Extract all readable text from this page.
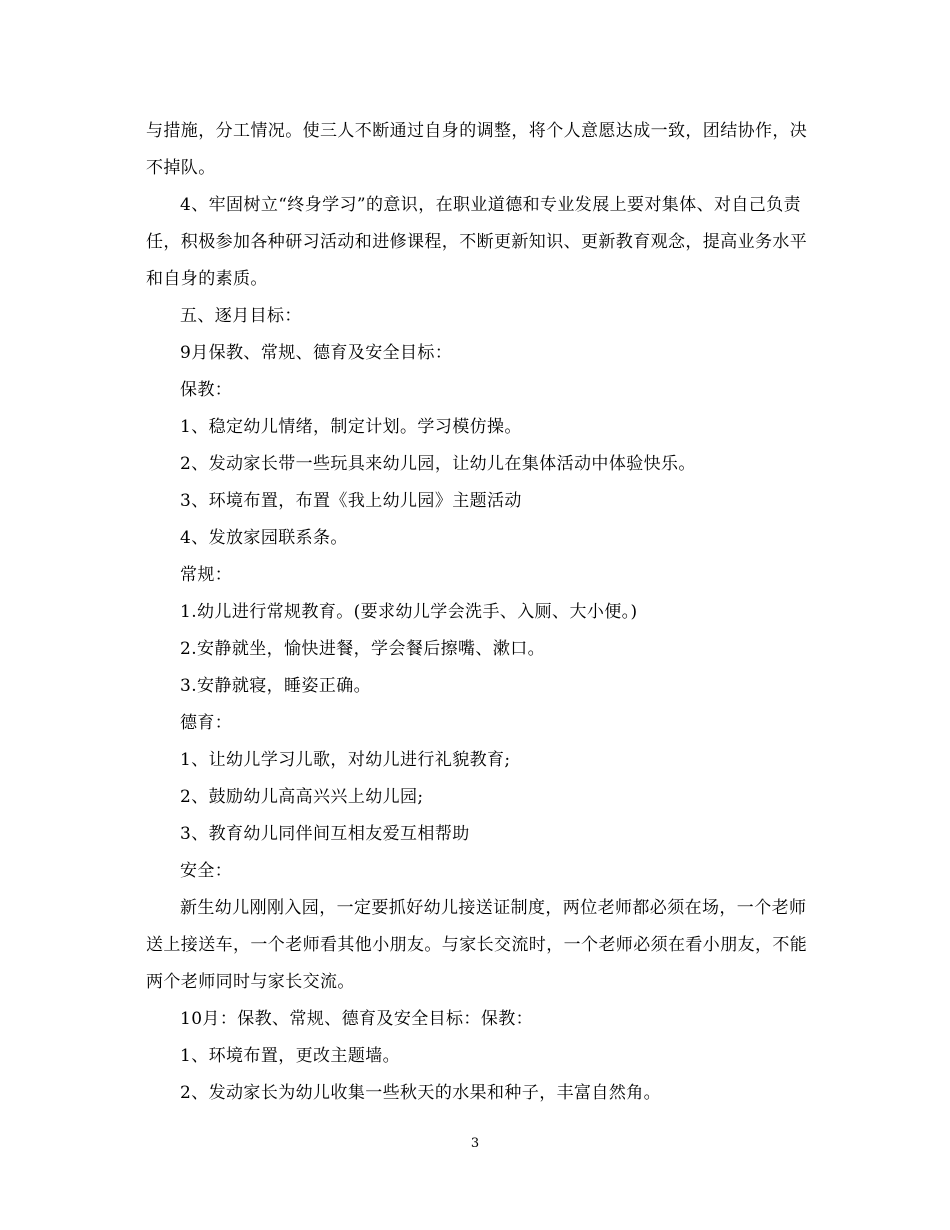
与措施，分工情况。使三人不断通过自身的调整，将个人意愿达成一致，团结协作，决不掉队。

4、牢固树立“终身学习”的意识，在职业道德和专业发展上要对集体、对自己负责任，积极参加各种研习活动和进修课程，不断更新知识、更新教育观念，提高业务水平和自身的素质。

五、逐月目标：

9月保教、常规、德育及安全目标：

保教：

1、稳定幼儿情绪，制定计划。学习模仿操。

2、发动家长带一些玩具来幼儿园，让幼儿在集体活动中体验快乐。

3、环境布置，布置《我上幼儿园》主题活动

4、发放家园联系条。

常规：

1.幼儿进行常规教育。(要求幼儿学会洗手、入厕、大小便。)

2.安静就坐，愉快进餐，学会餐后擦嘴、漱口。

3.安静就寝，睡姿正确。

德育：

1、让幼儿学习儿歌，对幼儿进行礼貌教育;

2、鼓励幼儿高高兴兴上幼儿园;

3、教育幼儿同伴间互相友爱互相帮助

安全：

新生幼儿刚刚入园，一定要抓好幼儿接送证制度，两位老师都必须在场，一个老师送上接送车，一个老师看其他小朋友。与家长交流时，一个老师必须在看小朋友，不能两个老师同时与家长交流。

10月：保教、常规、德育及安全目标：保教：

1、环境布置，更改主题墙。

2、发动家长为幼儿收集一些秋天的水果和种子，丰富自然角。

3
